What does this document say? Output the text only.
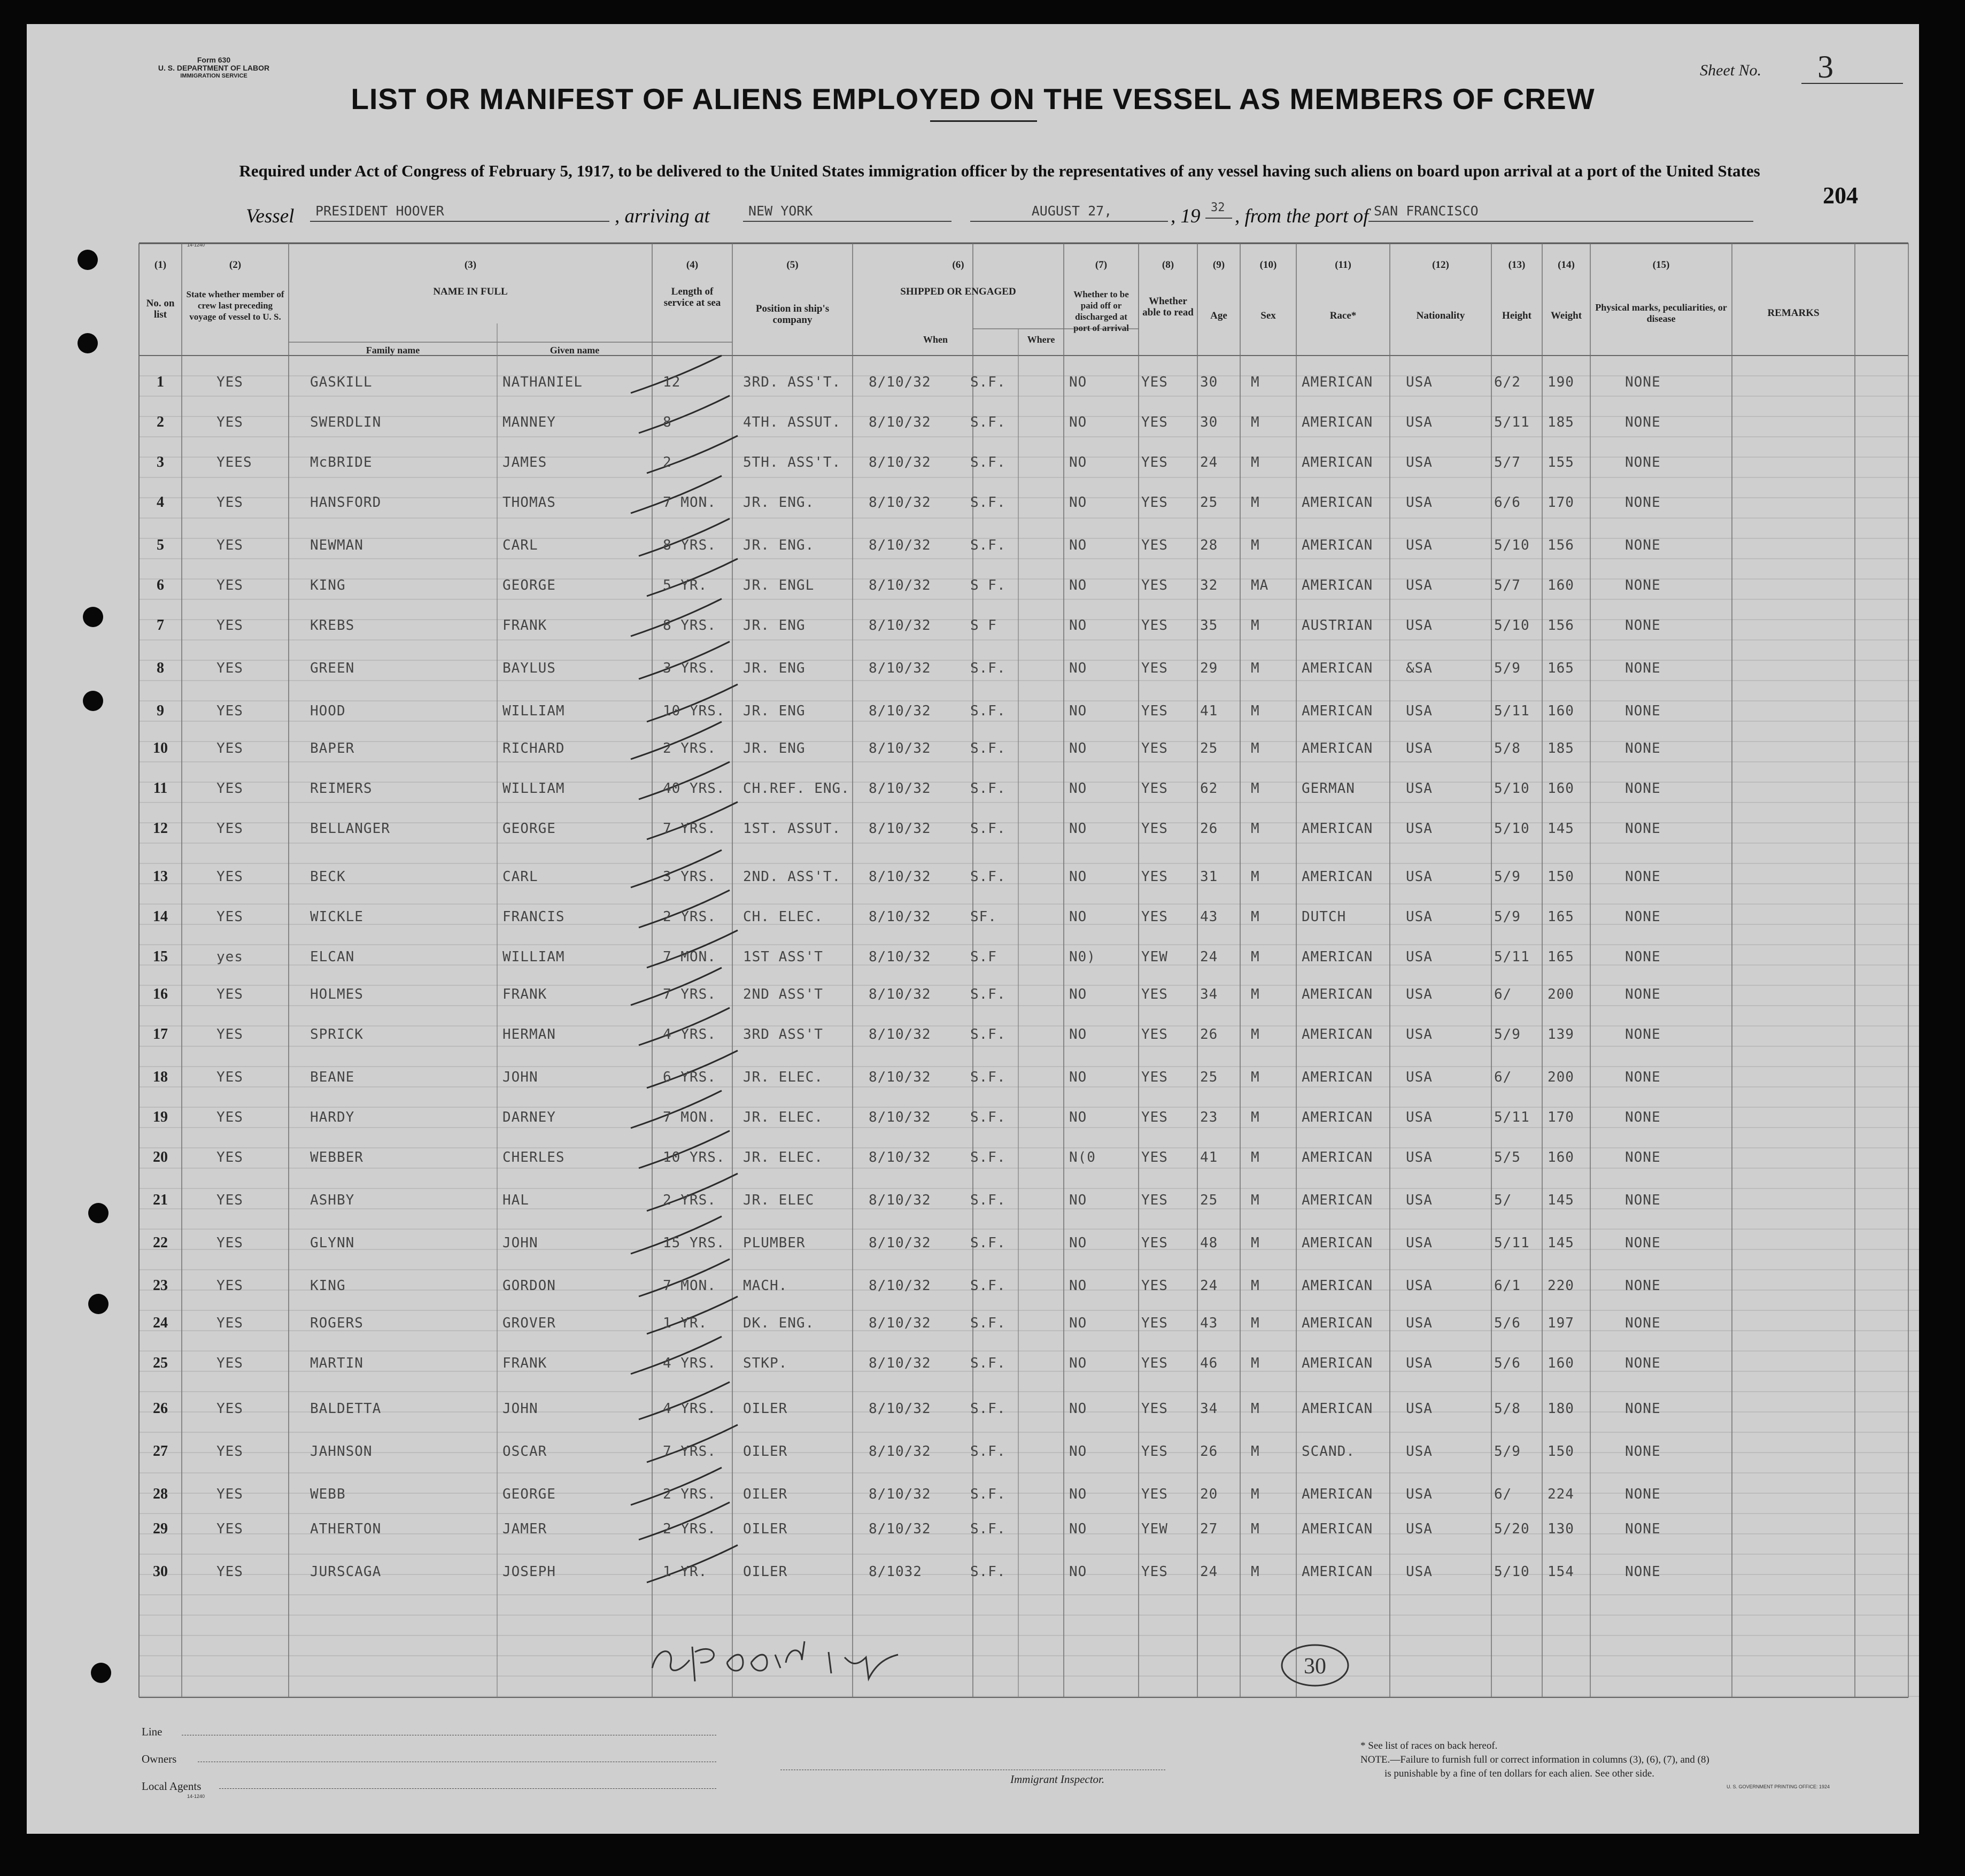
Form 630
U. S. DEPARTMENT OF LABOR
IMMIGRATION SERVICE	Sheet No.	3
LIST OR MANIFEST OF ALIENS EMPLOYED ON THE VESSEL AS MEMBERS OF CREW
Required under Act of Congress of February 5, 1917, to be delivered to the United States immigration officer by the representatives of any vessel having such aliens on board upon arrival at a port of the United States
204
Vessel	PRESIDENT HOOVER	, arriving at	NEW YORK	AUGUST 27,	, 19 32 , from the port of SAN FRANCISCO
14-1240
(1)	(2)	(3)	(4)	(5)	(6)	(7)	(8)	(9)	(10)	(11)	(12)	(13)	(14)	(15)
No. on list
State whether member of crew last preceding voyage of vessel to U. S.
NAME IN FULL
Family name	Given name
Length of service at sea
Position in ship's company
SHIPPED OR ENGAGED
When	Where
Whether to be paid off or discharged at port of arrival
Whether able to read	Age	Sex	Race*	Nationality	Height	Weight
Physical marks, peculiarities, or disease	REMARKS
1	YES	GASKILL	NATHANIEL	12	3RD. ASS'T. 8/10/32	S.F.	NO	YES 30 M	AMERICAN USA	6/2 190	NONE
2	YES	SWERDLIN	MANNEY	8	4TH. ASSUT. 8/10/32	S.F.	NO	YES 30 M	AMERICAN USA	5/11 185	NONE
3	YEES	McBRIDE	JAMES	2	5TH. ASS'T. 8/10/32	S.F.	NO	YES 24 M	AMERICAN USA	5/7 155	NONE
4	YES	HANSFORD	THOMAS	7 MON. JR. ENG.	8/10/32	S.F.	NO	YES 25 M	AMERICAN USA	6/6 170	NONE
5	YES	NEWMAN	CARL	8 YRS. JR. ENG.	8/10/32	S.F.	NO	YES 28 M	AMERICAN USA	5/10 156	NONE
6	YES	KING	GEORGE	5 YR.	JR. ENGL	8/10/32	S F.	NO	YES 32 MA AMERICAN USA	5/7 160	NONE
7	YES	KREBS	FRANK	8 YRS. JR. ENG	8/10/32	S F	NO	YES 35 M	AUSTRIAN USA	5/10 156	NONE
8	YES	GREEN	BAYLUS	3 YRS. JR. ENG	8/10/32	S.F.	NO	YES 29 M	AMERICAN &SA	5/9 165	NONE
9	YES	HOOD	WILLIAM	10 YRS. JR. ENG	8/10/32	S.F.	NO	YES 41 M	AMERICAN USA	5/11 160	NONE
10	YES	BAPER	RICHARD	2 YRS. JR. ENG	8/10/32	S.F.	NO	YES 25 M	AMERICAN USA	5/8 185	NONE
11	YES	REIMERS	WILLIAM	40 YRS. CH.REF. ENG. 8/10/32	S.F.	NO	YES 62 M	GERMAN	USA	5/10 160	NONE
12	YES	BELLANGER	GEORGE	7 YRS. 1ST. ASSUT. 8/10/32	S.F.	NO	YES 26 M	AMERICAN USA	5/10 145	NONE
13	YES	BECK	CARL	3 YRS. 2ND. ASS'T. 8/10/32	S.F.	NO	YES 31 M	AMERICAN USA	5/9 150	NONE
14	YES	WICKLE	FRANCIS	2 YRS. CH. ELEC.	8/10/32	SF.	NO	YES 43 M	DUTCH	USA	5/9 165	NONE
15	yes	ELCAN	WILLIAM	7 MON. 1ST ASS'T	8/10/32	S.F	N0)	YEW 24 M	AMERICAN USA	5/11 165	NONE
16	YES	HOLMES	FRANK	7 YRS. 2ND ASS'T	8/10/32	S.F.	NO	YES 34 M	AMERICAN USA	6/	200	NONE
17	YES	SPRICK	HERMAN	4 YRS. 3RD ASS'T	8/10/32	S.F.	NO	YES 26 M	AMERICAN USA	5/9 139	NONE
18	YES	BEANE	JOHN	6 YRS. JR. ELEC.	8/10/32	S.F.	NO	YES 25 M	AMERICAN USA	6/	200	NONE
19	YES	HARDY	DARNEY	7 MON. JR. ELEC.	8/10/32	S.F.	NO	YES 23 M	AMERICAN USA	5/11 170	NONE
20	YES	WEBBER	CHERLES	10 YRS. JR. ELEC.	8/10/32	S.F.	N(0	YES 41 M	AMERICAN USA	5/5 160	NONE
21	YES	ASHBY	HAL	2 YRS. JR. ELEC	8/10/32	S.F.	NO	YES 25 M	AMERICAN USA	5/	145	NONE
22	YES	GLYNN	JOHN	15 YRS. PLUMBER	8/10/32	S.F.	NO	YES 48 M	AMERICAN USA	5/11 145	NONE
23	YES	KING	GORDON	7 MON. MACH.	8/10/32	S.F.	NO	YES 24 M	AMERICAN USA	6/1 220	NONE
24	YES	ROGERS	GROVER	1 YR.	DK. ENG.	8/10/32	S.F.	NO	YES 43 M	AMERICAN USA	5/6 197	NONE
25	YES	MARTIN	FRANK	4 YRS. STKP.	8/10/32	S.F.	NO	YES 46 M	AMERICAN USA	5/6 160	NONE
26	YES	BALDETTA	JOHN	4 YRS. OILER	8/10/32	S.F.	NO	YES 34 M	AMERICAN USA	5/8 180	NONE
27	YES	JAHNSON	OSCAR	7 YRS. OILER	8/10/32	S.F.	NO	YES 26 M	SCAND.	USA	5/9 150	NONE
28	YES	WEBB	GEORGE	2 YRS. OILER	8/10/32	S.F.	NO	YES 20 M	AMERICAN USA	6/	224	NONE
29	YES	ATHERTON	JAMER	2 YRS. OILER	8/10/32	S.F.	NO	YEW 27 M	AMERICAN USA	5/20 130	NONE
30	YES	JURSCAGA	JOSEPH	1 YR.	OILER	8/1032	S.F.	NO	YES 24 M	AMERICAN USA	5/10 154	NONE
EP Hoover Insp
30
Line
Owners
Local Agents
14-1240
Immigrant Inspector.
* See list of races on back hereof.
NOTE.—Failure to furnish full or correct information in columns (3), (6), (7), and (8)
is punishable by a fine of ten dollars for each alien. See other side.
U. S. GOVERNMENT PRINTING OFFICE: 1924
